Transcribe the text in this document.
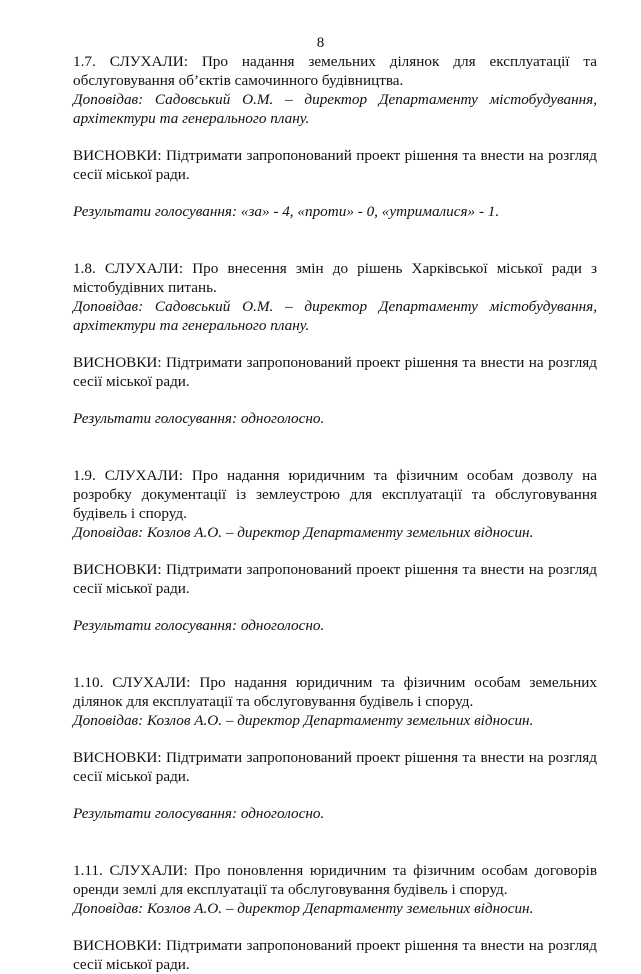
8

1.7. СЛУХАЛИ: Про надання земельних ділянок для експлуатації та обслуговування об’єктів самочинного будівництва.

Доповідав: Садовський О.М. – директор Департаменту містобудування, архітектури та генерального плану.

ВИСНОВКИ: Підтримати запропонований проект рішення та внести на розгляд сесії міської ради.

Результати голосування: «за» - 4, «проти» - 0, «утрималися» - 1.

1.8. СЛУХАЛИ: Про внесення змін до рішень Харківської міської ради з містобудівних питань.

Доповідав: Садовський О.М. – директор Департаменту містобудування, архітектури та генерального плану.

ВИСНОВКИ: Підтримати запропонований проект рішення та внести на розгляд сесії міської ради.

Результати голосування: одноголосно.

1.9. СЛУХАЛИ: Про надання юридичним та фізичним особам дозволу на розробку документації із землеустрою для експлуатації та обслуговування будівель і споруд.

Доповідав: Козлов А.О. – директор Департаменту земельних відносин.

ВИСНОВКИ: Підтримати запропонований проект рішення та внести на розгляд сесії міської ради.

Результати голосування: одноголосно.

1.10. СЛУХАЛИ: Про надання юридичним та фізичним особам земельних ділянок для експлуатації та обслуговування будівель і споруд.

Доповідав: Козлов А.О. – директор Департаменту земельних відносин.

ВИСНОВКИ: Підтримати запропонований проект рішення та внести на розгляд сесії міської ради.

Результати голосування: одноголосно.

1.11. СЛУХАЛИ: Про поновлення юридичним та фізичним особам договорів оренди землі для експлуатації та обслуговування будівель і споруд.

Доповідав: Козлов А.О. – директор Департаменту земельних відносин.

ВИСНОВКИ: Підтримати запропонований проект рішення та внести на розгляд сесії міської ради.
